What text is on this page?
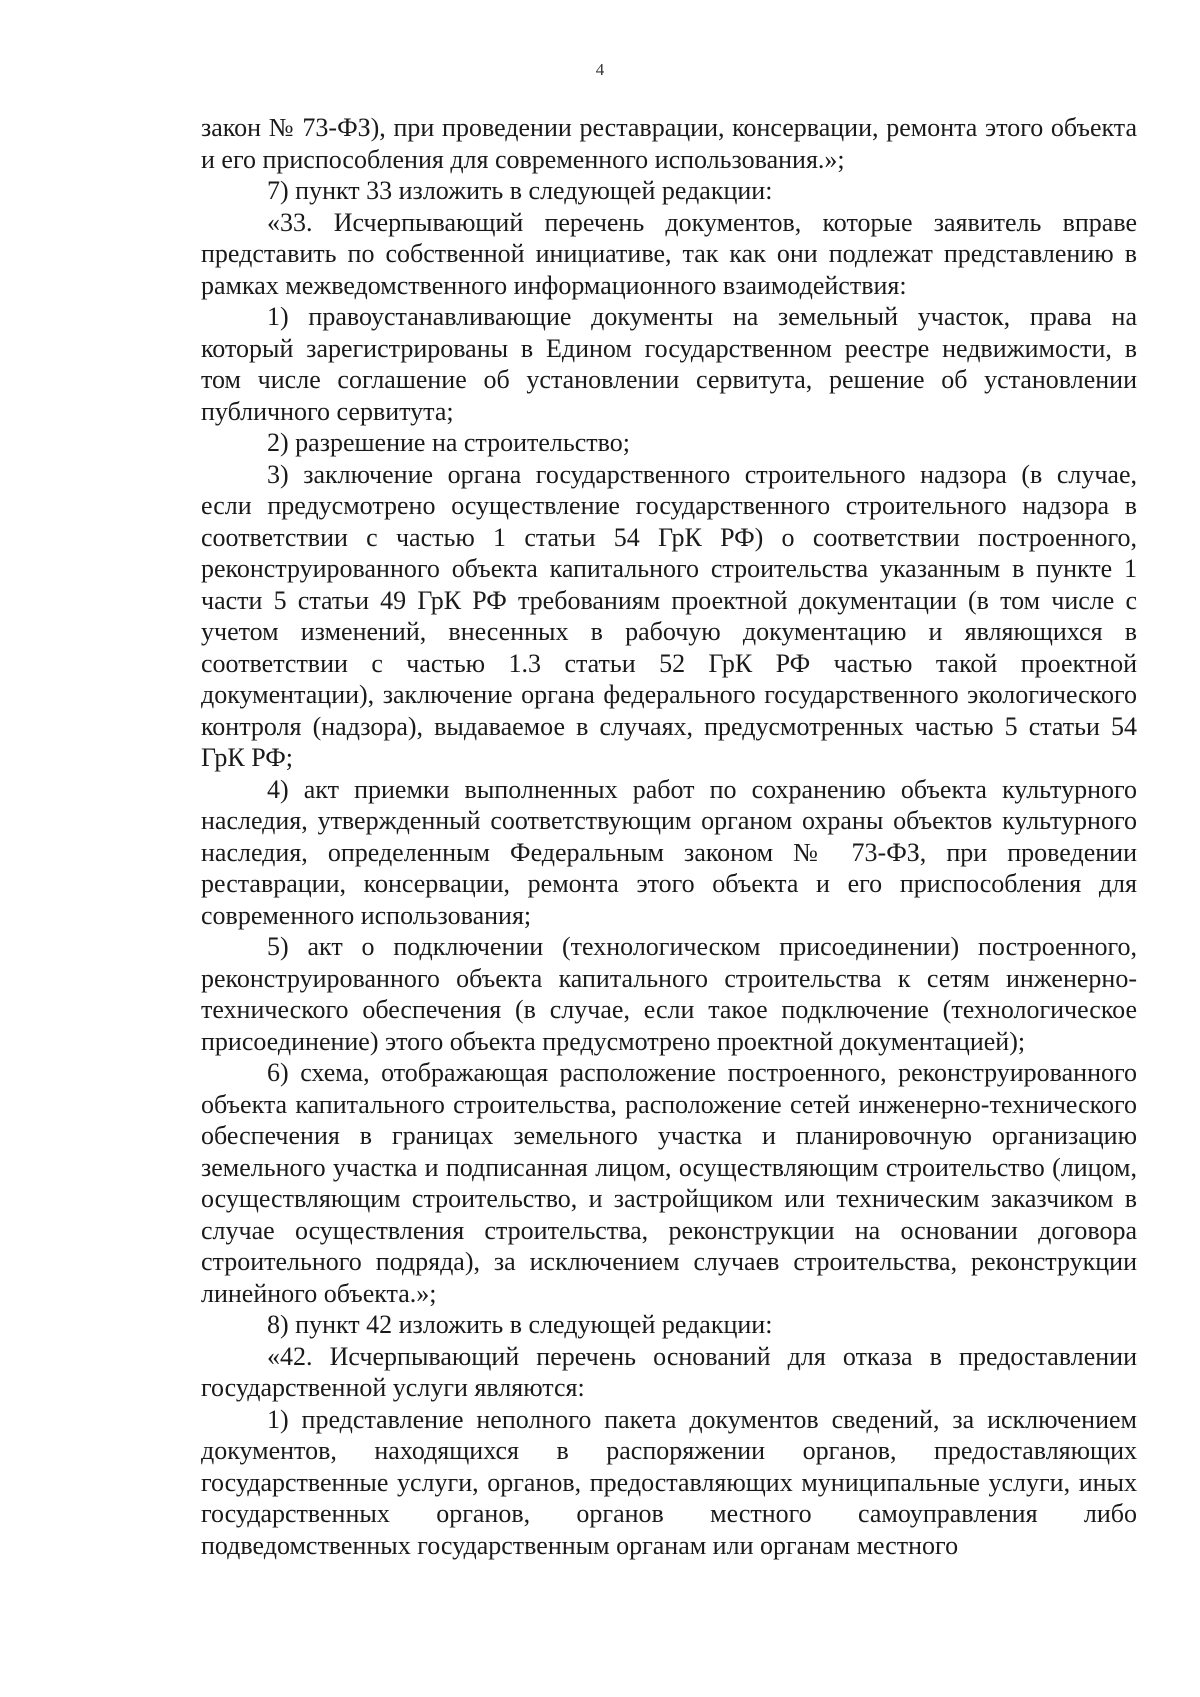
4

закон № 73-ФЗ), при проведении реставрации, консервации, ремонта этого объекта и его приспособления для современного использования.»;

7) пункт 33 изложить в следующей редакции:

«33. Исчерпывающий перечень документов, которые заявитель вправе представить по собственной инициативе, так как они подлежат представлению в рамках межведомственного информационного взаимодействия:

1) правоустанавливающие документы на земельный участок, права на который зарегистрированы в Едином государственном реестре недвижимости, в том числе соглашение об установлении сервитута, решение об установлении публичного сервитута;

2) разрешение на строительство;

3) заключение органа государственного строительного надзора (в случае, если предусмотрено осуществление государственного строительного надзора в соответствии с частью 1 статьи 54 ГрК РФ) о соответствии построенного, реконструированного объекта капитального строительства указанным в пункте 1 части 5 статьи 49 ГрК РФ требованиям проектной документации (в том числе с учетом изменений, внесенных в рабочую документацию и являющихся в соответствии с частью 1.3 статьи 52 ГрК РФ частью такой проектной документации), заключение органа федерального государственного экологического контроля (надзора), выдаваемое в случаях, предусмотренных частью 5 статьи 54 ГрК РФ;

4) акт приемки выполненных работ по сохранению объекта культурного наследия, утвержденный соответствующим органом охраны объектов культурного наследия, определенным Федеральным законом № 73-ФЗ, при проведении реставрации, консервации, ремонта этого объекта и его приспособления для современного использования;

5) акт о подключении (технологическом присоединении) построенного, реконструированного объекта капитального строительства к сетям инженерно-технического обеспечения (в случае, если такое подключение (технологическое присоединение) этого объекта предусмотрено проектной документацией);

6) схема, отображающая расположение построенного, реконструированного объекта капитального строительства, расположение сетей инженерно-технического обеспечения в границах земельного участка и планировочную организацию земельного участка и подписанная лицом, осуществляющим строительство (лицом, осуществляющим строительство, и застройщиком или техническим заказчиком в случае осуществления строительства, реконструкции на основании договора строительного подряда), за исключением случаев строительства, реконструкции линейного объекта.»;

8) пункт 42 изложить в следующей редакции:

«42. Исчерпывающий перечень оснований для отказа в предоставлении государственной услуги являются:

1) представление неполного пакета документов сведений, за исключением документов, находящихся в распоряжении органов, предоставляющих государственные услуги, органов, предоставляющих муниципальные услуги, иных государственных органов, органов местного самоуправления либо подведомственных государственным органам или органам местного
